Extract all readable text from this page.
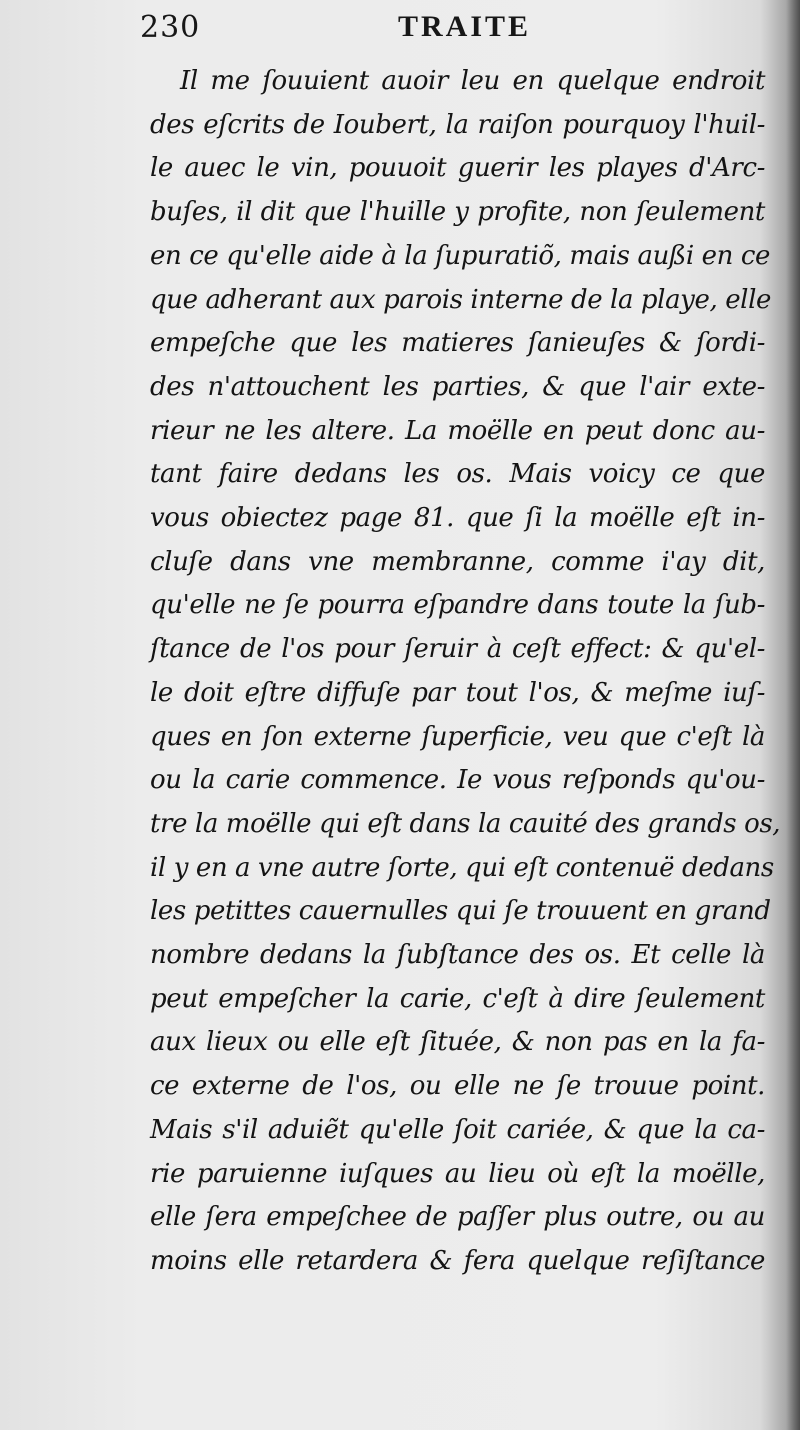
230	TRAITE
Il me ſouuient auoir leu en quelque endroit
des eſcrits de Ioubert, la raiſon pourquoy l'huil-
le auec le vin, pouuoit guerir les playes d'Arc-
buſes, il dit que l'huille y profite, non ſeulement
en ce qu'elle aide à la ſupuratiõ, mais außi en ce
que adherant aux parois interne de la playe, elle
empeſche que les matieres ſanieuſes & ſordi-
des n'attouchent les parties, & que l'air exte-
rieur ne les altere. La moëlle en peut donc au-
tant faire dedans les os. Mais voicy ce que
vous obiectez page 81. que ſi la moëlle eſt in-
cluſe dans vne membranne, comme i'ay dit,
qu'elle ne ſe pourra eſpandre dans toute la ſub-
ſtance de l'os pour ſeruir à ceſt effect: & qu'el-
le doit eſtre diffuſe par tout l'os, & meſme iuſ-
ques en ſon externe ſuperficie, veu que c'eſt là
ou la carie commence. Ie vous reſponds qu'ou-
tre la moëlle qui eſt dans la cauité des grands os,
il y en a vne autre ſorte, qui eſt contenuë dedans
les petittes cauernulles qui ſe trouuent en grand
nombre dedans la ſubſtance des os. Et celle là
peut empeſcher la carie, c'eſt à dire ſeulement
aux lieux ou elle eſt ſituée, & non pas en la fa-
ce externe de l'os, ou elle ne ſe trouue point.
Mais s'il aduiẽt qu'elle ſoit cariée, & que la ca-
rie paruienne iuſques au lieu où eſt la moëlle,
elle ſera empeſchee de paſſer plus outre, ou au
moins elle retardera & fera quelque reſiſtance
